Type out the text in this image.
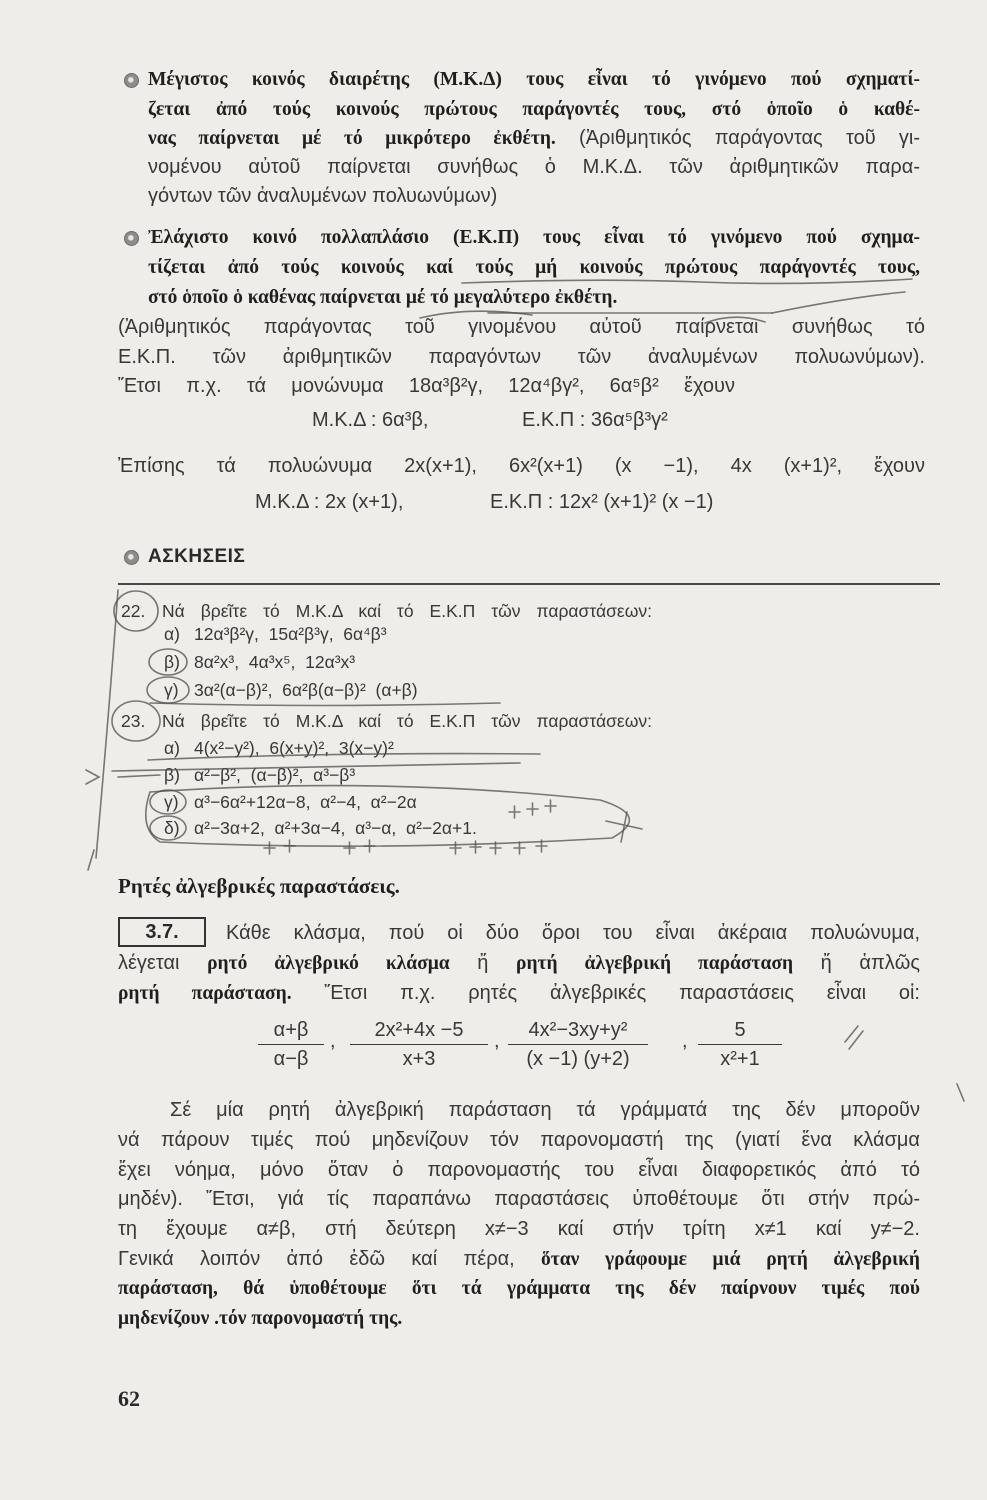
Μέγιστος κοινός διαιρέτης (Μ.Κ.Δ) τους εἶναι τό γινόμενο πού σχηματί-
ζεται ἀπό τούς κοινούς πρώτους παράγοντές τους, στό ὁποῖο ὁ καθέ-
νας παίρνεται μέ τό μικρότερο ἐκθέτη. (Ἀριθμητικός παράγοντας τοῦ γι-
νομένου αὐτοῦ παίρνεται συνήθως ὁ Μ.Κ.Δ. τῶν ἀριθμητικῶν παρα-
γόντων τῶν ἀναλυμένων πολυωνύμων)
Ἐλάχιστο κοινό πολλαπλάσιο (Ε.Κ.Π) τους εἶναι τό γινόμενο πού σχημα-
τίζεται ἀπό τούς κοινούς καί τούς μή κοινούς πρώτους παράγοντές τους,
στό ὁποῖο ὁ καθένας παίρνεται μέ τό μεγαλύτερο ἐκθέτη.
(Ἀριθμητικός παράγοντας τοῦ γινομένου αὐτοῦ παίρνεται συνήθως τό
Ε.Κ.Π. τῶν ἀριθμητικῶν παραγόντων τῶν ἀναλυμένων πολυωνύμων).
Ἔτσι π.χ. τά μονώνυμα 18α³β²γ, 12α⁴βγ², 6α⁵β² ἔχουν
Μ.Κ.Δ : 6α³β,	Ε.Κ.Π : 36α⁵β³γ²
Ἐπίσης τά πολυώνυμα 2x(x+1), 6x²(x+1) (x −1), 4x (x+1)², ἔχουν
Μ.Κ.Δ : 2x (x+1),	Ε.Κ.Π : 12x² (x+1)² (x −1)
ΑΣΚΗΣΕΙΣ
22. Νά βρεῖτε τό Μ.Κ.Δ καί τό Ε.Κ.Π τῶν παραστάσεων:
α) 12α³β²γ,  15α²β³γ,  6α⁴β³
β) 8α²x³,  4α³x⁵,  12α³x³
γ) 3α²(α−β)²,  6α²β(α−β)²  (α+β)
23. Νά βρεῖτε τό Μ.Κ.Δ καί τό Ε.Κ.Π τῶν παραστάσεων:
α) 4(x²−y²),  6(x+y)²,  3(x−y)²
β) α²−β²,  (α−β)²,  α³−β³
γ) α³−6α²+12α−8,  α²−4,  α²−2α
δ) α²−3α+2,  α²+3α−4,  α³−α,  α²−2α+1.
Ρητές ἀλγεβρικές παραστάσεις.
3.7.	Κάθε κλάσμα, πού οἱ δύο ὅροι του εἶναι ἀκέραια πολυώνυμα,
λέγεται ρητό ἀλγεβρικό κλάσμα ἤ ρητή ἀλγεβρική παράσταση ἤ ἁπλῶς
ρητή παράσταση. Ἔτσι π.χ. ρητές ἀλγεβρικές παραστάσεις εἶναι οἱ:
$\frac{\alpha+\beta}{\alpha-\beta}$ , $\frac{\text{2x²+4x −5}}{x+3}$ , $\frac{\text{4x²−3xy+y²}}{(x -1) (y+2)}$ , $\frac{5}{\text{x²+1}}$
Σέ μία ρητή ἀλγεβρική παράσταση τά γράμματά της δέν μποροῦν
νά πάρουν τιμές πού μηδενίζουν τόν παρονομαστή της (γιατί ἕνα κλάσμα
ἔχει νόημα, μόνο ὅταν ὁ παρονομαστής του εἶναι διαφορετικός ἀπό τό
μηδέν). Ἔτσι, γιά τίς παραπάνω παραστάσεις ὑποθέτουμε ὅτι στήν πρώ-
τη ἔχουμε α≠β, στή δεύτερη x≠−3 καί στήν τρίτη x≠1 καί y≠−2.
Γενικά λοιπόν ἀπό ἐδῶ καί πέρα, ὅταν γράφουμε μιά ρητή ἀλγεβρική
παράσταση, θά ὑποθέτουμε ὅτι τά γράμματα της δέν παίρνουν τιμές πού
μηδενίζουν .τόν παρονομαστή της.
62
